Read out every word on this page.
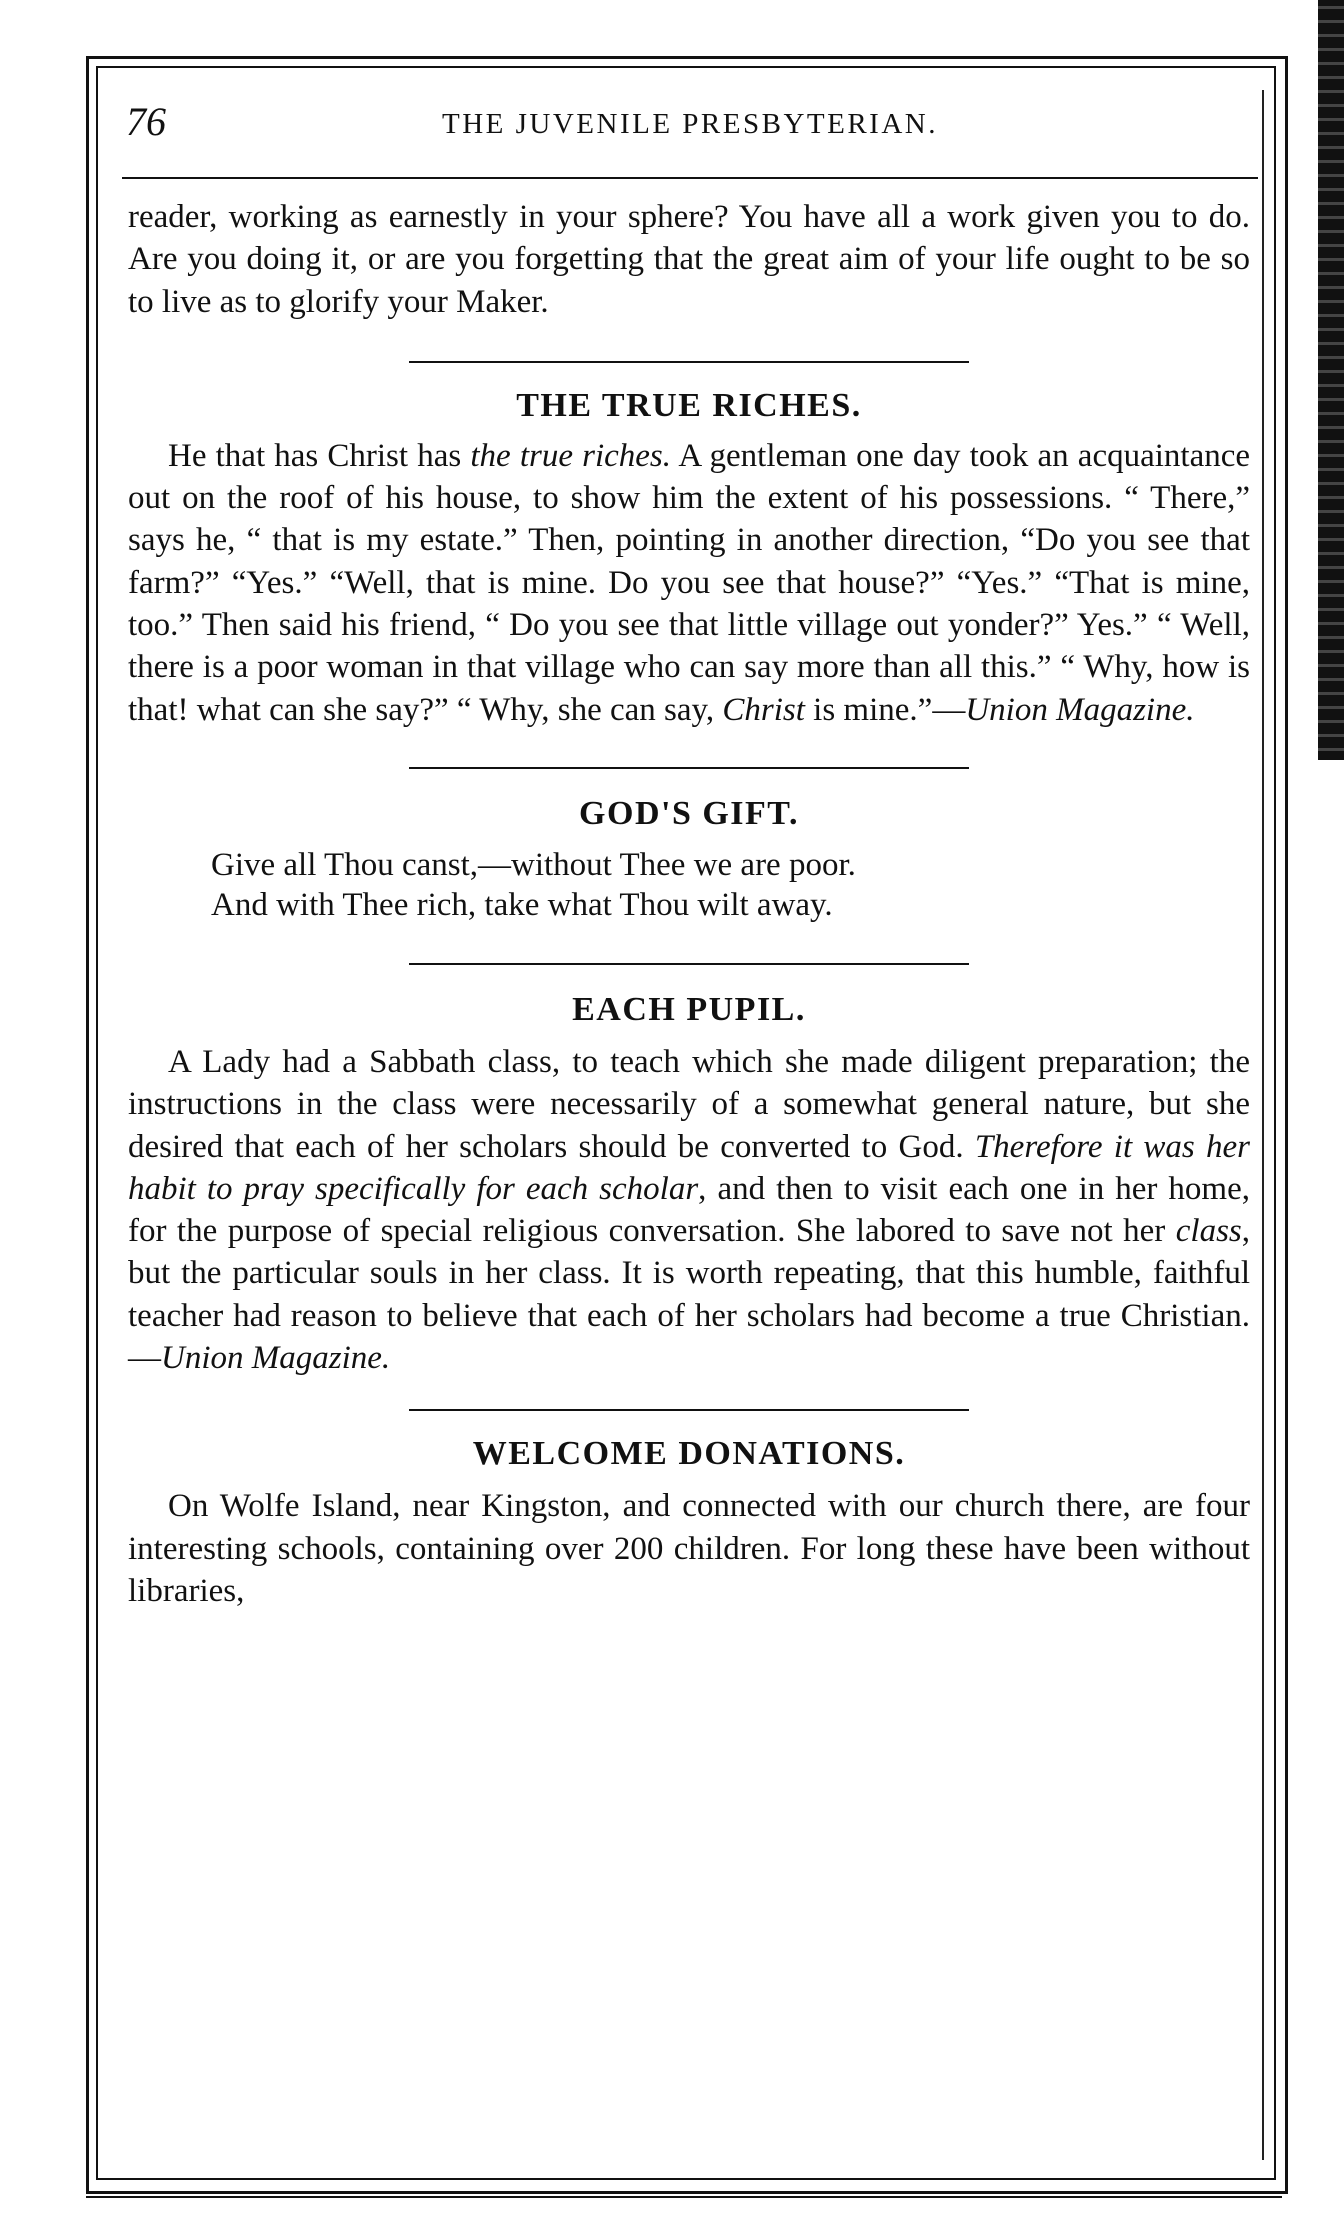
76	THE JUVENILE PRESBYTERIAN.

reader, working as earnestly in your sphere? You have all a work given you to do. Are you doing it, or are you forgetting that the great aim of your life ought to be so to live as to glorify your Maker.

THE TRUE RICHES.

He that has Christ has the true riches. A gentleman one day took an acquaintance out on the roof of his house, to show him the extent of his possessions. “ There,” says he, “ that is my estate.” Then, pointing in another direction, “Do you see that farm?” “Yes.” “Well, that is mine. Do you see that house?” “Yes.” “That is mine, too.” Then said his friend, “ Do you see that little village out yonder?” Yes.” “ Well, there is a poor woman in that village who can say more than all this.” “ Why, how is that! what can she say?” “ Why, she can say, Christ is mine.”—Union Magazine.

GOD'S GIFT.

Give all Thou canst,—without Thee we are poor.

And with Thee rich, take what Thou wilt away.

EACH PUPIL.

A Lady had a Sabbath class, to teach which she made diligent preparation; the instructions in the class were necessarily of a somewhat general nature, but she desired that each of her scholars should be converted to God. Therefore it was her habit to pray specifically for each scholar, and then to visit each one in her home, for the purpose of special religious conversation. She labored to save not her class, but the particular souls in her class. It is worth repeating, that this humble, faithful teacher had reason to believe that each of her scholars had become a true Christian.—Union Magazine.

WELCOME DONATIONS.

On Wolfe Island, near Kingston, and connected with our church there, are four interesting schools, containing over 200 children. For long these have been without libraries,
